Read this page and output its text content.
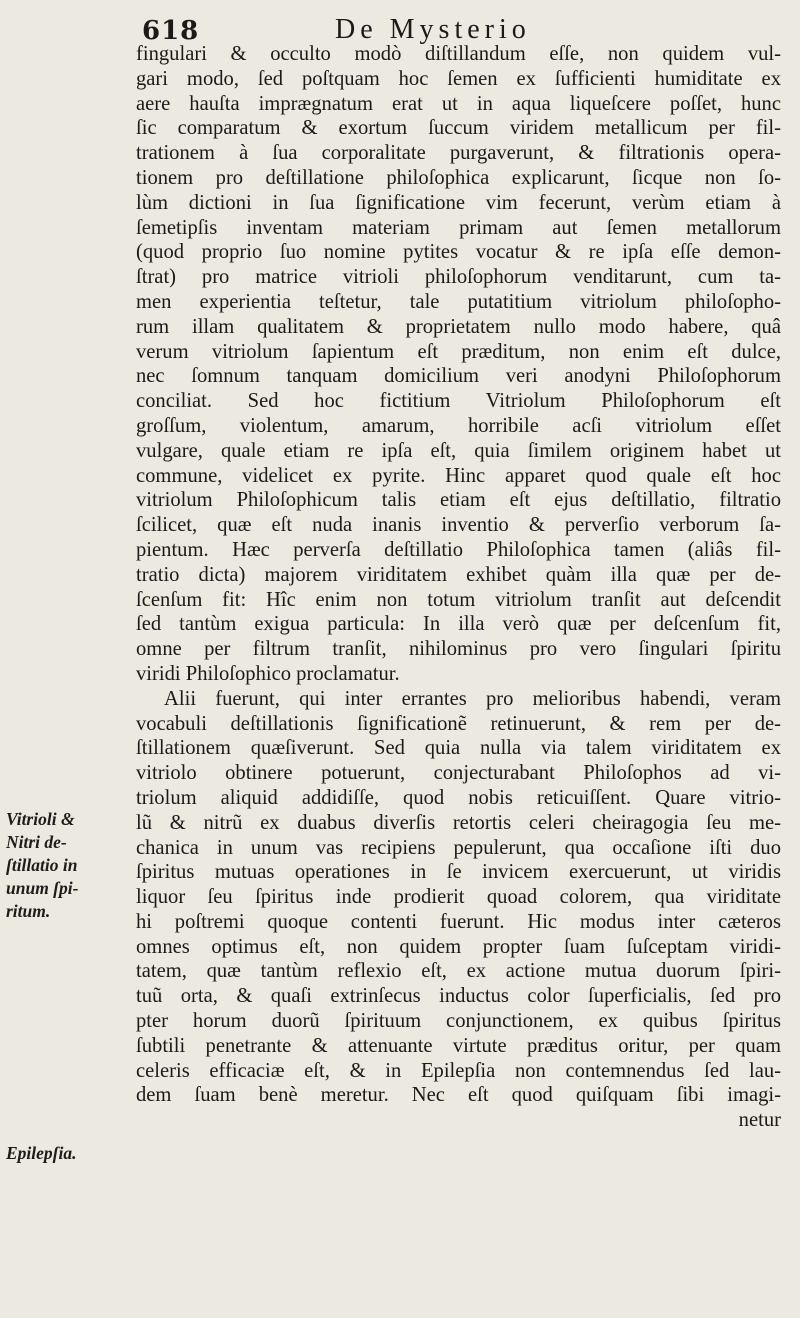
618	De Mysterio
fingulari & occulto modò diſtillandum eſſe, non quidem vul-
gari modo, ſed poſtquam hoc ſemen ex ſufficienti humiditate ex
aere hauſta imprægnatum erat ut in aqua liqueſcere poſſet, hunc
ſic comparatum & exortum ſuccum viridem metallicum per fil-
trationem à ſua corporalitate purgaverunt, & filtrationis opera-
tionem pro deſtillatione philoſophica explicarunt, ſicque non ſo-
lùm dictioni in ſua ſignificatione vim fecerunt, verùm etiam à
ſemetipſis inventam materiam primam aut ſemen metallorum
(quod proprio ſuo nomine pytites vocatur & re ipſa eſſe demon-
ſtrat) pro matrice vitrioli philoſophorum venditarunt, cum ta-
men experientia teſtetur, tale putatitium vitriolum philoſopho-
rum illam qualitatem & proprietatem nullo modo habere, quâ
verum vitriolum ſapientum eſt præditum, non enim eſt dulce,
nec ſomnum tanquam domicilium veri anodyni Philoſophorum
conciliat. Sed hoc fictitium Vitriolum Philoſophorum eſt
groſſum, violentum, amarum, horribile acſi vitriolum eſſet
vulgare, quale etiam re ipſa eſt, quia ſimilem originem habet ut
commune, videlicet ex pyrite. Hinc apparet quod quale eſt hoc
vitriolum Philoſophicum talis etiam eſt ejus deſtillatio, filtratio
ſcilicet, quæ eſt nuda inanis inventio & perverſio verborum ſa-
pientum. Hæc perverſa deſtillatio Philoſophica tamen (aliâs fil-
tratio dicta) majorem viriditatem exhibet quàm illa quæ per de-
ſcenſum fit: Hîc enim non totum vitriolum tranſit aut deſcendit
ſed tantùm exigua particula: In illa verò quæ per deſcenſum fit,
omne per filtrum tranſit, nihilominus pro vero ſingulari ſpiritu
viridi Philoſophico proclamatur.
Alii fuerunt, qui inter errantes pro melioribus habendi, veram
vocabuli deſtillationis ſignificationẽ retinuerunt, & rem per de-
ſtillationem quæſiverunt. Sed quia nulla via talem viriditatem ex
vitriolo obtinere potuerunt, conjecturabant Philoſophos ad vi-
triolum aliquid addidiſſe, quod nobis reticuiſſent. Quare vitrio-
lũ & nitrũ ex duabus diverſis retortis celeri cheiragogia ſeu me-
chanica in unum vas recipiens pepulerunt, qua occaſione iſti duo
ſpiritus mutuas operationes in ſe invicem exercuerunt, ut viridis
liquor ſeu ſpiritus inde prodierit quoad colorem, qua viriditate
hi poſtremi quoque contenti fuerunt. Hic modus inter cæteros
omnes optimus eſt, non quidem propter ſuam ſuſceptam viridi-
tatem, quæ tantùm reflexio eſt, ex actione mutua duorum ſpiri-
tuũ orta, & quaſi extrinſecus inductus color ſuperficialis, ſed pro
pter horum duorũ ſpirituum conjunctionem, ex quibus ſpiritus
ſubtili penetrante & attenuante virtute præditus oritur, per quam
celeris efficaciæ eſt, & in Epilepſia non contemnendus ſed lau-
dem ſuam benè meretur. Nec eſt quod quiſquam ſibi imagi-
netur
Vitrioli &
Nitri de-
ſtillatio in
unum ſpi-
ritum.
Epilepſia.
